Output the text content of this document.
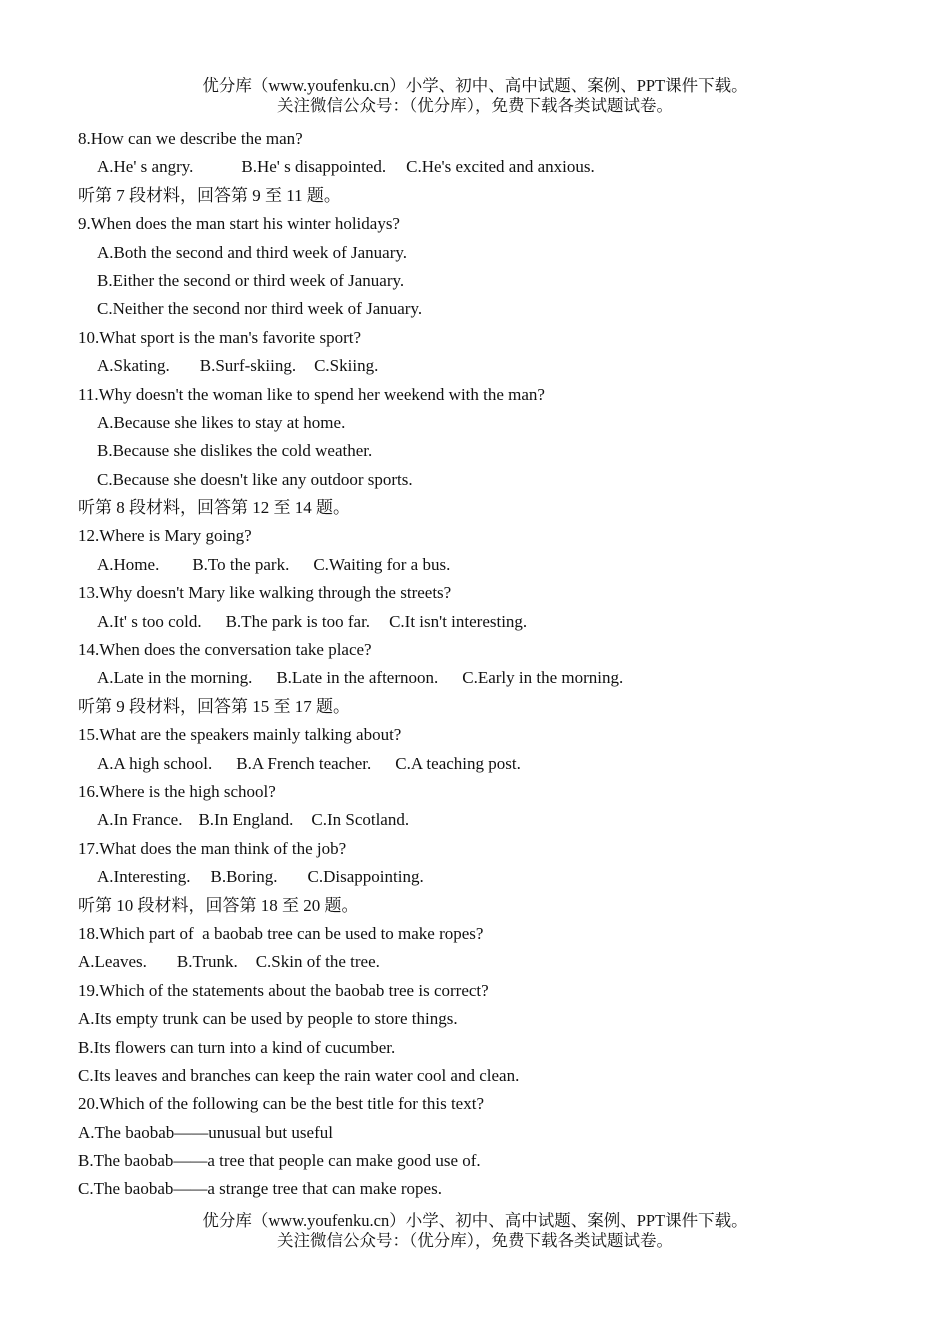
优分库（www.youfenku.cn）小学、初中、高中试题、案例、PPT课件下载。
关注微信公众号：（优分库），免费下载各类试题试卷。
8.How can we describe the man?
A.He' s angry.	B.He' s disappointed. C.He's excited and anxious.
听第 7 段材料，回答第 9 至 11 题。
9.When does the man start his winter holidays?
A.Both the second and third week of January.
B.Either the second or third week of January.
C.Neither the second nor third week of January.
10.What sport is the man's favorite sport?
A.Skating. B.Surf-skiing. C.Skiing.
11.Why doesn't the woman like to spend her weekend with the man?
A.Because she likes to stay at home.
B.Because she dislikes the cold weather.
C.Because she doesn't like any outdoor sports.
听第 8 段材料，回答第 12 至 14 题。
12.Where is Mary going?
A.Home. B.To the park. C.Waiting for a bus.
13.Why doesn't Mary like walking through the streets?
A.It' s too cold. B.The park is too far. C.It isn't interesting.
14.When does the conversation take place?
A.Late in the morning. B.Late in the afternoon. C.Early in the morning.
听第 9 段材料，回答第 15 至 17 题。
15.What are the speakers mainly talking about?
A.A high school. B.A French teacher. C.A teaching post.
16.Where is the high school?
A.In France. B.In England. C.In Scotland.
17.What does the man think of the job?
A.Interesting. B.Boring. C.Disappointing.
听第 10 段材料，回答第 18 至 20 题。
18.Which part of  a baobab tree can be used to make ropes?
A.Leaves. B.Trunk. C.Skin of the tree.
19.Which of the statements about the baobab tree is correct?
A.Its empty trunk can be used by people to store things.
B.Its flowers can turn into a kind of cucumber.
C.Its leaves and branches can keep the rain water cool and clean.
20.Which of the following can be the best title for this text?
A.The baobab——unusual but useful
B.The baobab——a tree that people can make good use of.
C.The baobab——a strange tree that can make ropes.
优分库（www.youfenku.cn）小学、初中、高中试题、案例、PPT课件下载。
关注微信公众号：（优分库），免费下载各类试题试卷。
